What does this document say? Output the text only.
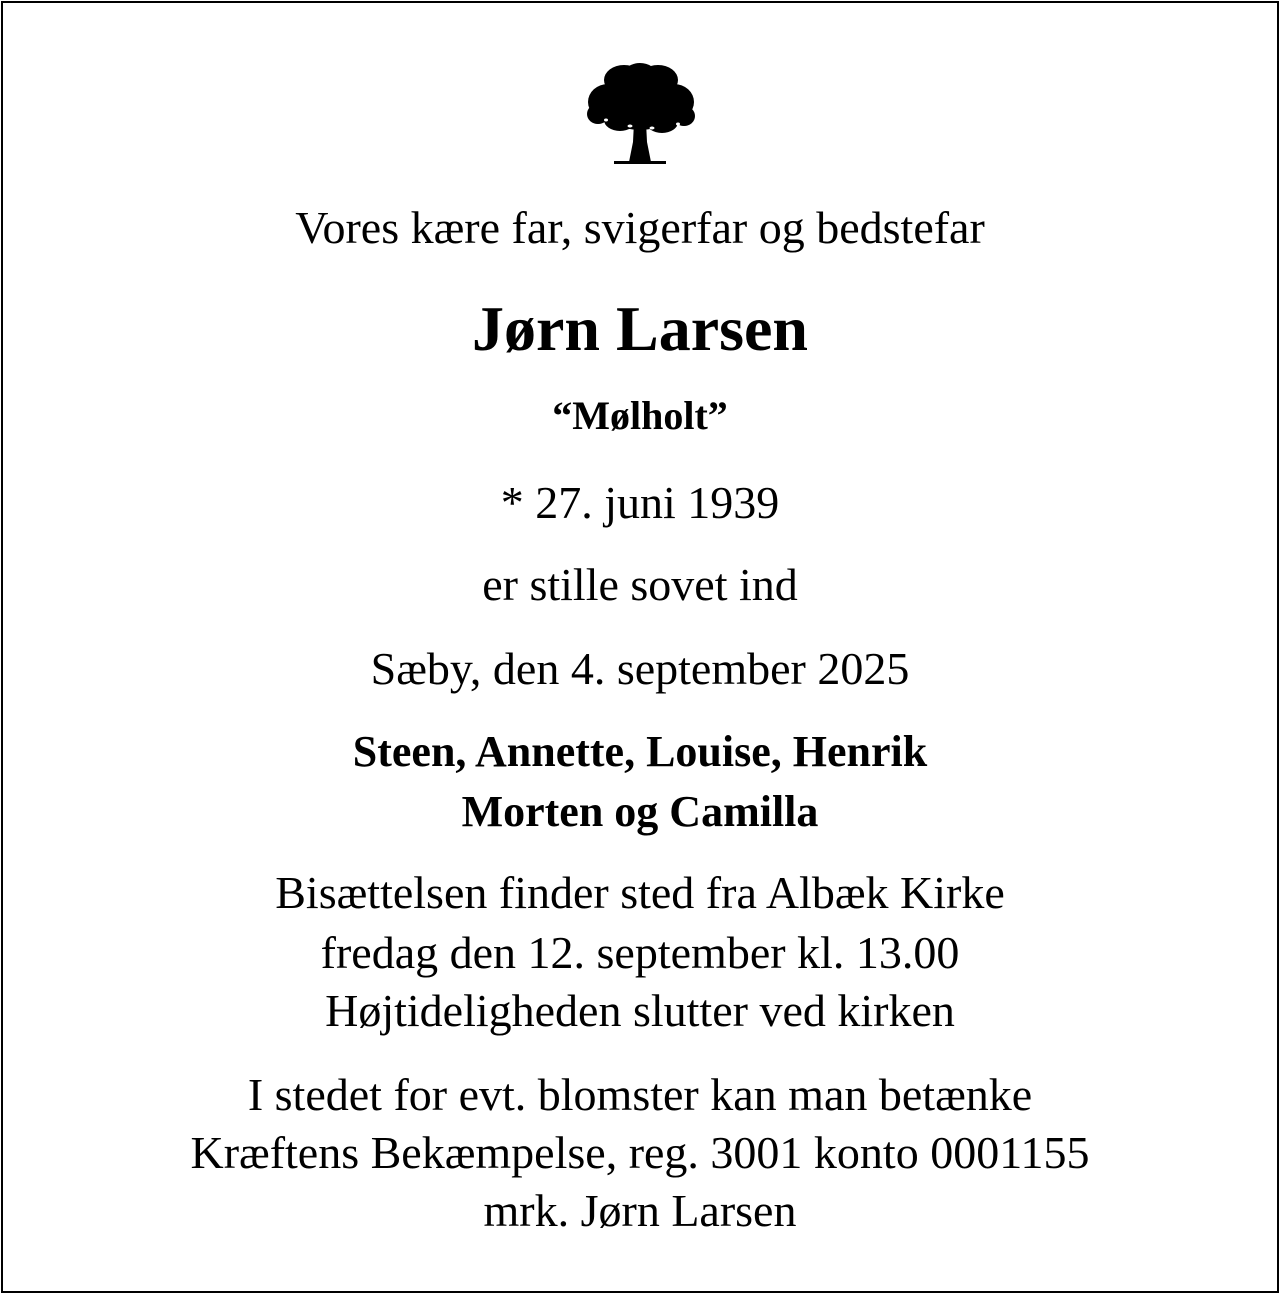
Vores kære far, svigerfar og bedstefar
Jørn Larsen
“Mølholt”
* 27. juni 1939
er stille sovet ind
Sæby, den 4. september 2025
Steen, Annette, Louise, Henrik
Morten og Camilla
Bisættelsen finder sted fra Albæk Kirke
fredag den 12. september kl. 13.00
Højtideligheden slutter ved kirken
I stedet for evt. blomster kan man betænke
Kræftens Bekæmpelse, reg. 3001 konto 0001155
mrk. Jørn Larsen
